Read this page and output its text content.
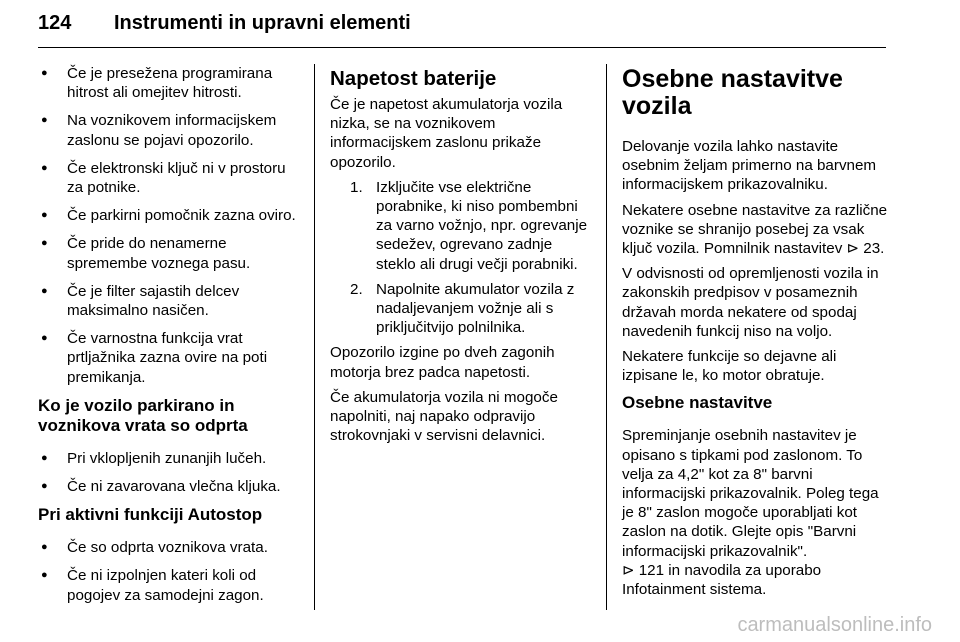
124 Instrumenti in upravni elementi
● Če je presežena programirana hitrost ali omejitev hitrosti.
● Na voznikovem informacijskem zaslonu se pojavi opozorilo.
● Če elektronski ključ ni v prostoru za potnike.
● Če parkirni pomočnik zazna oviro.
● Če pride do nenamerne spremembe voznega pasu.
● Če je filter sajastih delcev maksimalno nasičen.
● Če varnostna funkcija vrat prtljažnika zazna ovire na poti premikanja.
Ko je vozilo parkirano in voznikova vrata so odprta
● Pri vklopljenih zunanjih lučeh.
● Če ni zavarovana vlečna kljuka.
Pri aktivni funkciji Autostop
● Če so odprta voznikova vrata.
● Če ni izpolnjen kateri koli od pogojev za samodejni zagon.
Napetost baterije

Če je napetost akumulatorja vozila nizka, se na voznikovem informacijskem zaslonu prikaže opozorilo.

1. Izključite vse električne porabnike, ki niso pombembni za varno vožnjo, npr. ogrevanje sedežev, ogrevano zadnje steklo ali drugi večji porabniki.
2. Napolnite akumulator vozila z nadaljevanjem vožnje ali s priključitvijo polnilnika.

Opozorilo izgine po dveh zagonih motorja brez padca napetosti.

Če akumulatorja vozila ni mogoče napolniti, naj napako odpravijo strokovnjaki v servisni delavnici.

Osebne nastavitve vozila

Delovanje vozila lahko nastavite osebnim željam primerno na barvnem informacijskem prikazovalniku.

Nekatere osebne nastavitve za različne voznike se shranijo posebej za vsak ključ vozila. Pomnilnik nastavitev ⊳ 23.

V odvisnosti od opremljenosti vozila in zakonskih predpisov v posameznih državah morda nekatere od spodaj navedenih funkcij niso na voljo.

Nekatere funkcije so dejavne ali izpisane le, ko motor obratuje.

Osebne nastavitve

Spreminjanje osebnih nastavitev je opisano s tipkami pod zaslonom. To velja za 4,2" kot za 8" barvni informacijski prikazovalnik. Poleg tega je 8" zaslon mogoče uporabljati kot zaslon na dotik. Glejte opis "Barvni informacijski prikazovalnik".
⊳ 121 in navodila za uporabo Infotainment sistema.

carmanualsonline.info
